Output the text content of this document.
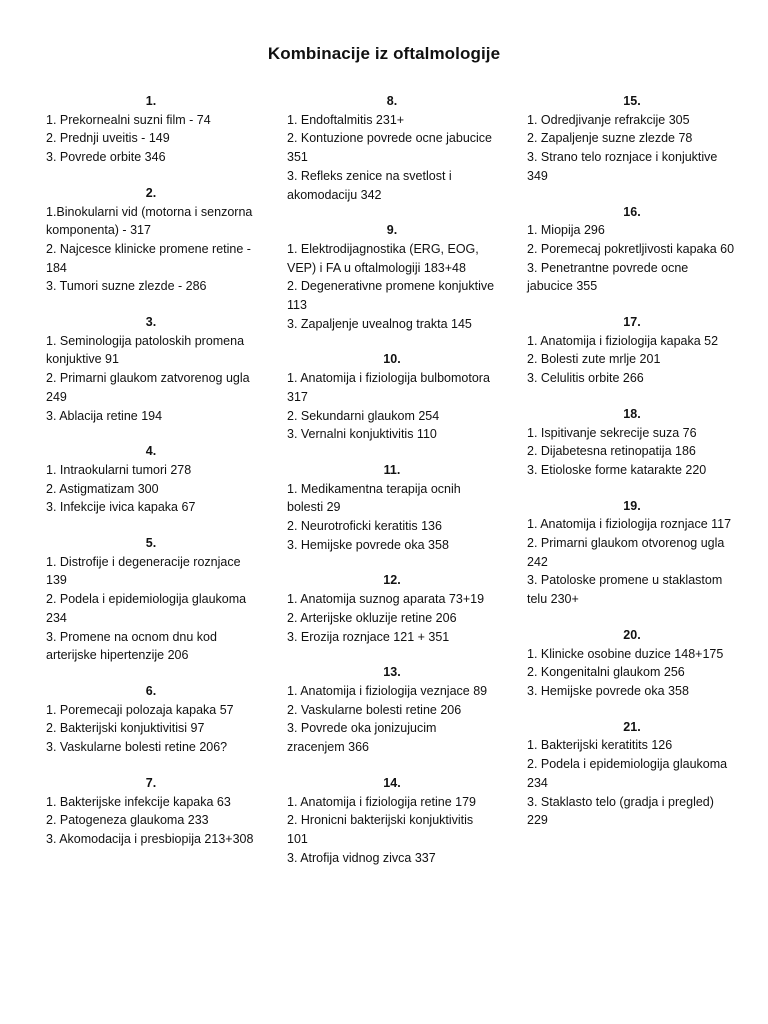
Kombinacije iz oftalmologije
1.
1. Prekornealni suzni film - 74
2. Prednji uveitis - 149
3. Povrede orbite 346
2.
1.Binokularni vid (motorna i senzorna komponenta) - 317
2. Najcesce klinicke promene retine - 184
3. Tumori suzne zlezde - 286
3.
1. Seminologija patoloskih promena konjuktive 91
2. Primarni glaukom zatvorenog ugla 249
3. Ablacija retine 194
4.
1. Intraokularni tumori 278
2. Astigmatizam 300
3. Infekcije ivica kapaka 67
5.
1. Distrofije i degeneracije roznjace 139
2. Podela i epidemiologija glaukoma 234
3. Promene na ocnom dnu kod arterijske hipertenzije 206
6.
1. Poremecaji polozaja kapaka 57
2. Bakterijski konjuktivitisi 97
3. Vaskularne bolesti retine 206?
7.
1. Bakterijske infekcije kapaka 63
2. Patogeneza glaukoma 233
3. Akomodacija i presbiopija 213+308
8.
1. Endoftalmitis 231+
2. Kontuzione povrede ocne jabucice 351
3. Refleks zenice na svetlost i akomodaciju 342
9.
1. Elektrodijagnostika (ERG, EOG, VEP) i FA u oftalmologiji 183+48
2. Degenerativne promene konjuktive 113
3. Zapaljenje uvealnog trakta 145
10.
1. Anatomija i fiziologija bulbomotora 317
2. Sekundarni glaukom 254
3. Vernalni konjuktivitis 110
11.
1. Medikamentna terapija ocnih bolesti 29
2. Neurotroficki keratitis 136
3. Hemijske povrede oka 358
12.
1. Anatomija suznog aparata 73+19
2. Arterijske okluzije retine 206
3. Erozija roznjace 121 + 351
13.
1. Anatomija i fiziologija veznjace 89
2. Vaskularne bolesti retine 206
3. Povrede oka jonizujucim zracenjem 366
14.
1. Anatomija i fiziologija retine 179
2. Hronicni bakterijski konjuktivitis 101
3. Atrofija vidnog zivca 337
15.
1. Odredjivanje refrakcije 305
2. Zapaljenje suzne zlezde 78
3. Strano telo roznjace i konjuktive 349
16.
1. Miopija 296
2. Poremecaj pokretljivosti kapaka 60
3. Penetrantne povrede ocne jabucice 355
17.
1. Anatomija i fiziologija kapaka 52
2. Bolesti zute mrlje 201
3. Celulitis orbite 266
18.
1. Ispitivanje sekrecije suza 76
2. Dijabetesna retinopatija 186
3. Etioloske forme katarakte 220
19.
1. Anatomija i fiziologija roznjace 117
2. Primarni glaukom otvorenog ugla 242
3. Patoloske promene u staklastom telu 230+
20.
1. Klinicke osobine duzice 148+175
2. Kongenitalni glaukom 256
3. Hemijske povrede oka 358
21.
1. Bakterijski keratitits 126
2. Podela i epidemiologija glaukoma 234
3. Staklasto telo (gradja i pregled) 229
